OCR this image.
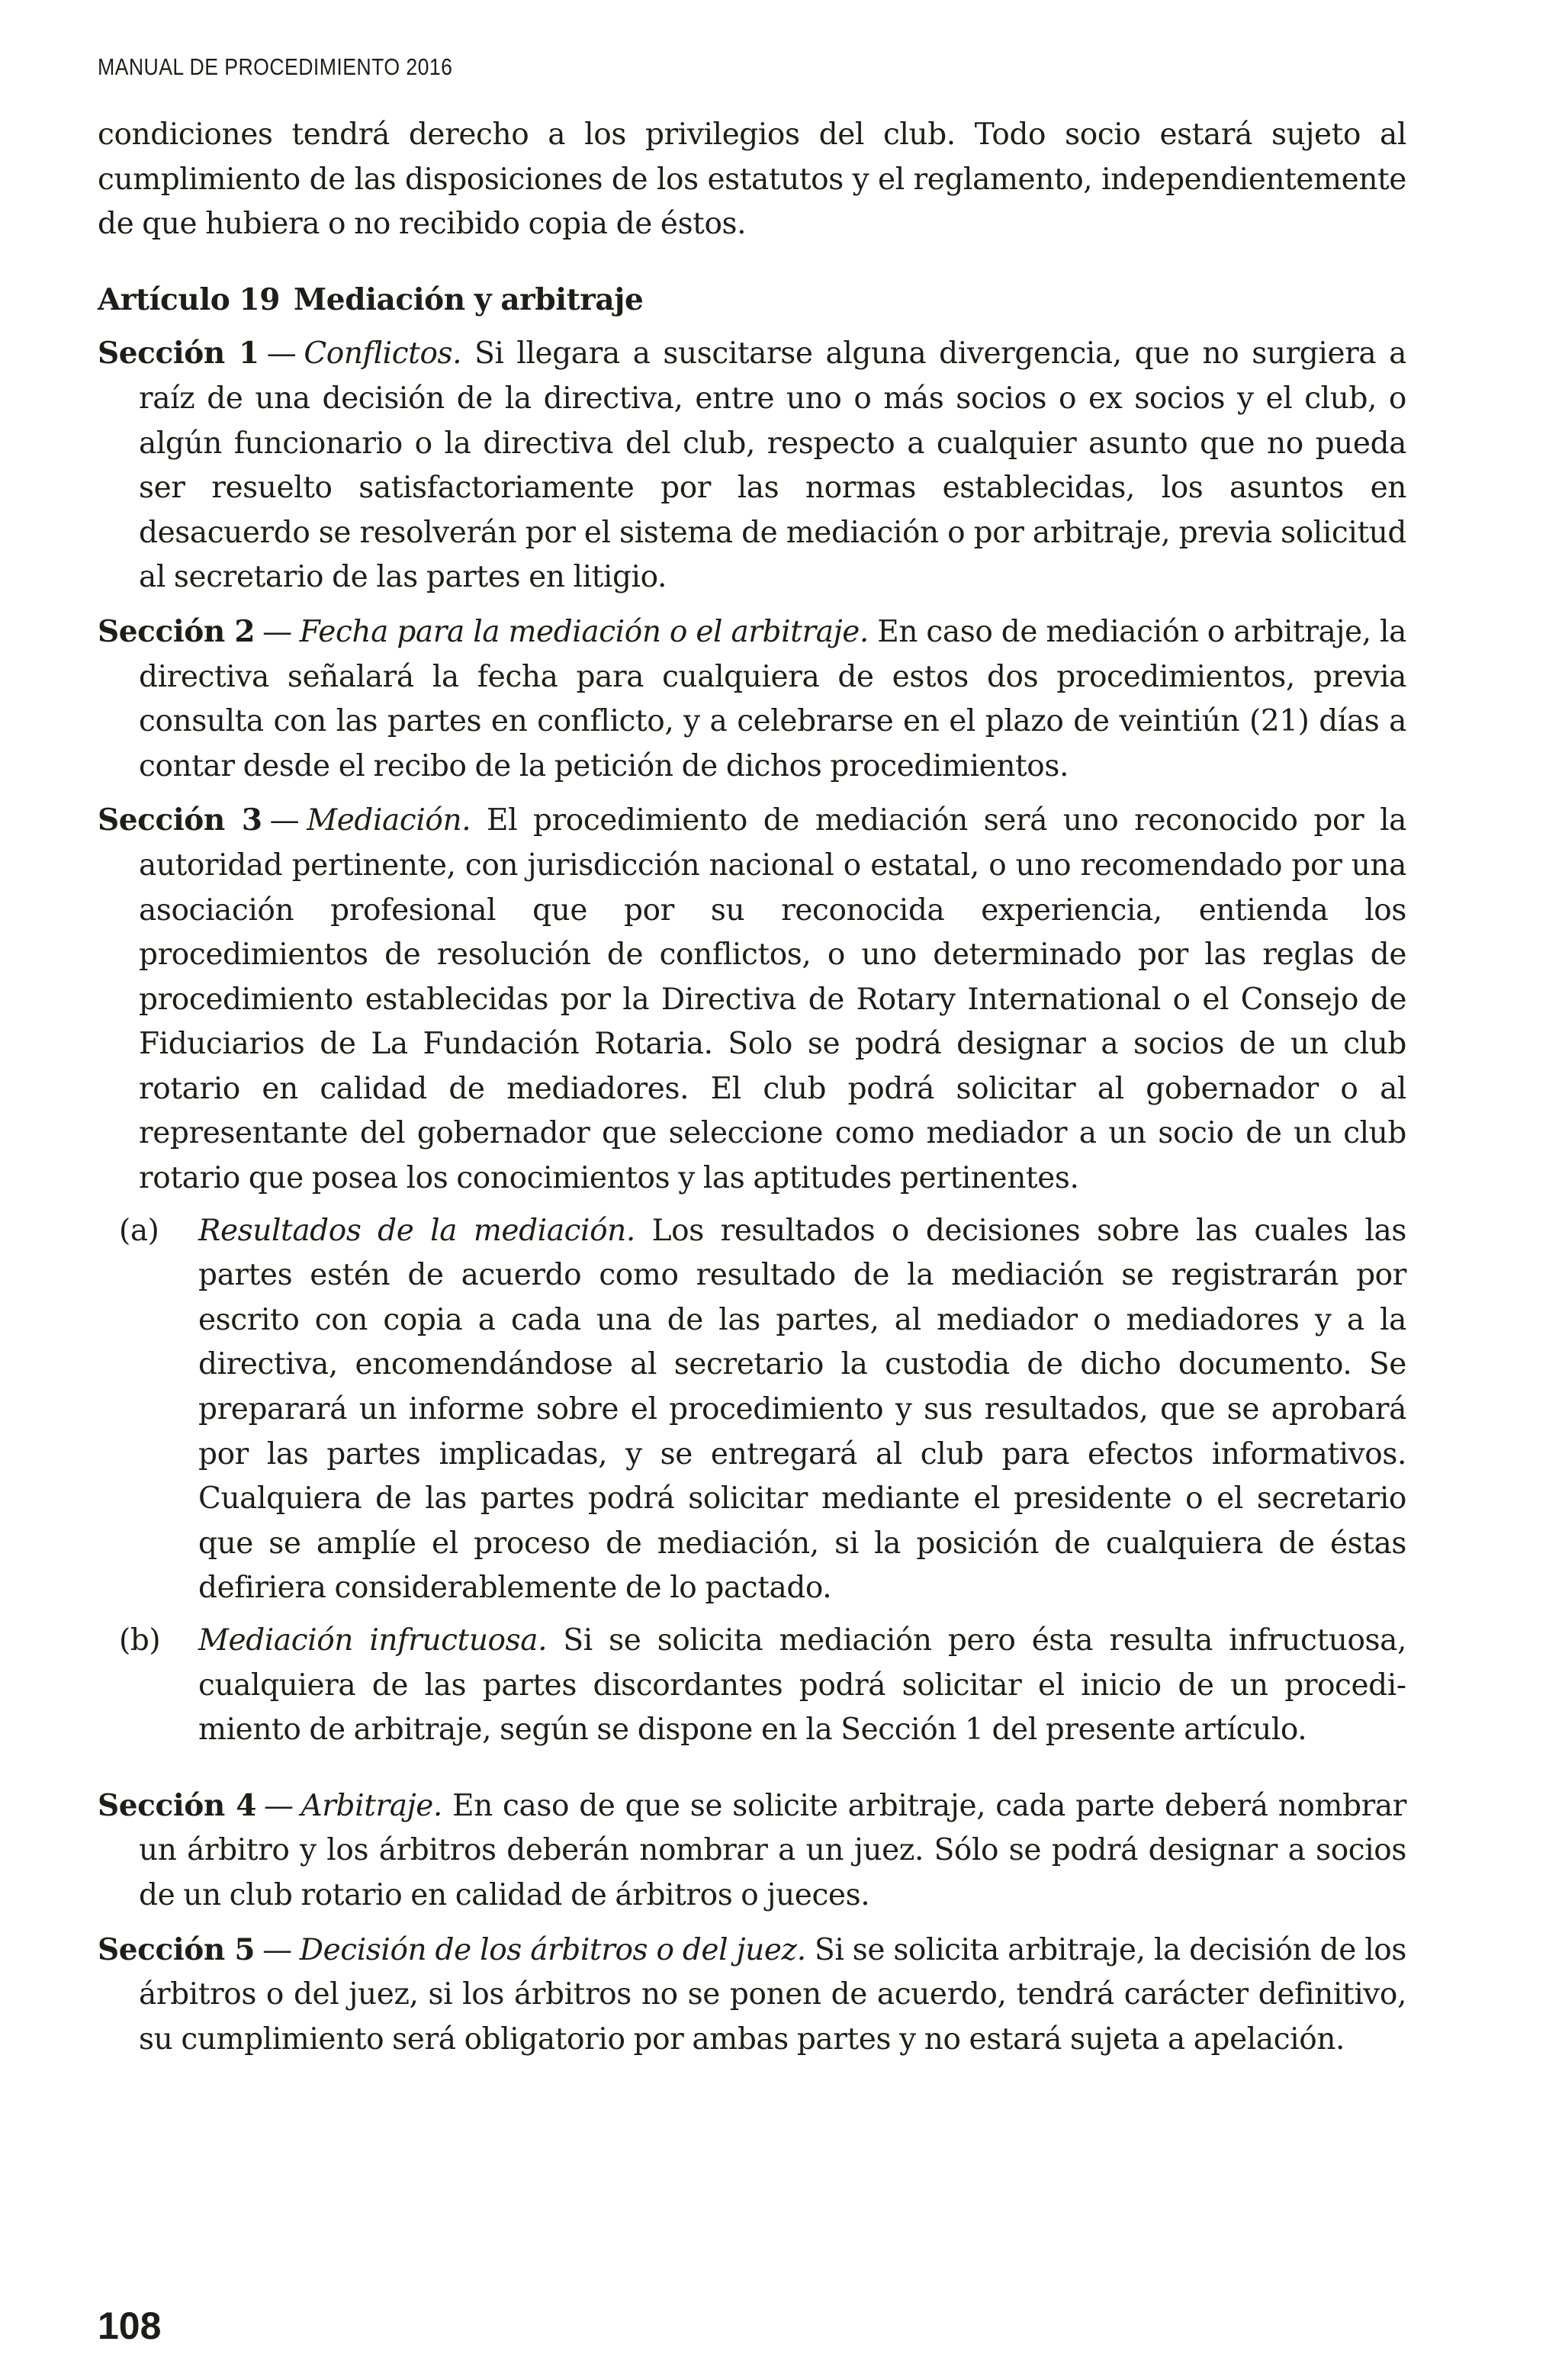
MANUAL DE PROCEDIMIENTO 2016

condiciones tendrá derecho a los privilegios del club. Todo socio estará sujeto al cumplimiento de las disposiciones de los estatutos y el reglamento, independientemente de que hubiera o no recibido copia de éstos.

Artículo 19 Mediación y arbitraje

Sección 1 — Conflictos. Si llegara a suscitarse alguna divergencia, que no surgiera a raíz de una decisión de la directiva, entre uno o más socios o ex socios y el club, o algún funcionario o la directiva del club, respecto a cualquier asunto que no pueda ser resuelto satisfactoriamente por las normas establecidas, los asuntos en desacuerdo se resolverán por el sistema de mediación o por arbitraje, previa solicitud al secretario de las partes en litigio.

Sección 2 — Fecha para la mediación o el arbitraje. En caso de mediación o arbitraje, la directiva señalará la fecha para cualquiera de estos dos procedimientos, previa consulta con las partes en conflicto, y a celebrarse en el plazo de veintiún (21) días a contar desde el recibo de la petición de dichos procedimientos.

Sección 3 — Mediación. El procedimiento de mediación será uno reconocido por la autoridad pertinente, con jurisdicción nacional o estatal, o uno recomendado por una asociación profesional que por su reconocida experiencia, entienda los procedimientos de resolución de conflictos, o uno determinado por las reglas de procedimiento establecidas por la Directiva de Rotary International o el Consejo de Fiduciarios de La Fundación Rotaria. Solo se podrá designar a socios de un club rotario en calidad de mediadores. El club podrá solicitar al gobernador o al representante del gobernador que seleccione como mediador a un socio de un club rotario que posea los conocimientos y las aptitudes pertinentes.

(a) Resultados de la mediación. Los resultados o decisiones sobre las cuales las partes estén de acuerdo como resultado de la mediación se registrarán por escrito con copia a cada una de las partes, al mediador o mediadores y a la directiva, encomendándose al secretario la custodia de dicho documento. Se preparará un informe sobre el procedimiento y sus resultados, que se aprobará por las partes implicadas, y se entregará al club para efectos informativos. Cualquiera de las partes podrá solicitar mediante el presidente o el secretario que se amplíe el proceso de mediación, si la posición de cualquiera de éstas defiriera considerablemente de lo pactado.

(b) Mediación infructuosa. Si se solicita mediación pero ésta resulta infructuosa, cualquiera de las partes discordantes podrá solicitar el inicio de un procedimiento de arbitraje, según se dispone en la Sección 1 del presente artículo.

Sección 4 — Arbitraje. En caso de que se solicite arbitraje, cada parte deberá nombrar un árbitro y los árbitros deberán nombrar a un juez. Sólo se podrá designar a socios de un club rotario en calidad de árbitros o jueces.

Sección 5 — Decisión de los árbitros o del juez. Si se solicita arbitraje, la decisión de los árbitros o del juez, si los árbitros no se ponen de acuerdo, tendrá carácter definitivo, su cumplimiento será obligatorio por ambas partes y no estará sujeta a apelación.

108
